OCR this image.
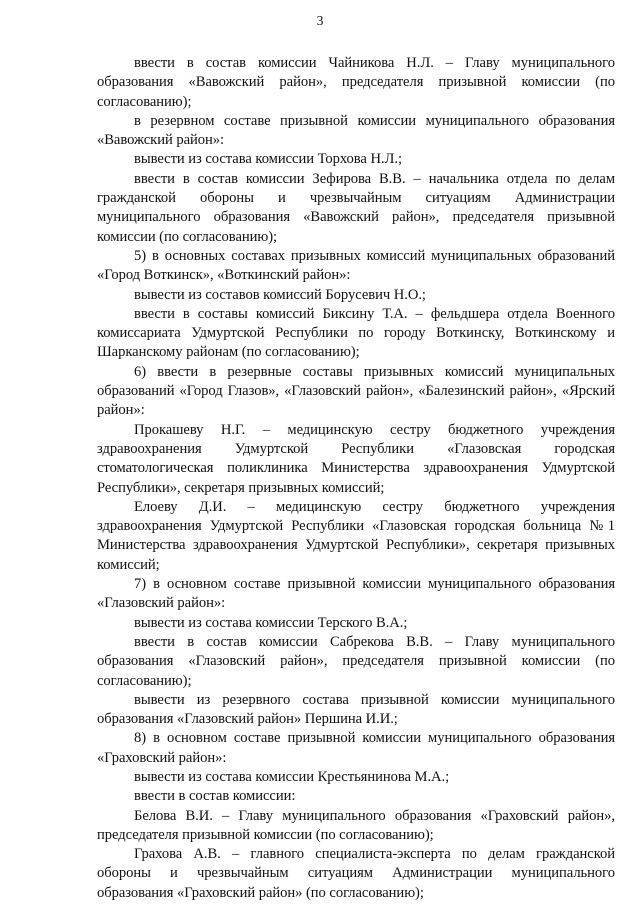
3

ввести в состав комиссии Чайникова Н.Л. – Главу муниципального образования «Вавожский район», председателя призывной комиссии (по согласованию);

в резервном составе призывной комиссии муниципального образования «Вавожский район»:

вывести из состава комиссии Торхова Н.Л.;

ввести в состав комиссии Зефирова В.В. – начальника отдела по делам гражданской обороны и чрезвычайным ситуациям Администрации муниципального образования «Вавожский район», председателя призывной комиссии (по согласованию);

5) в основных составах призывных комиссий муниципальных образований «Город Воткинск», «Воткинский район»:

вывести из составов комиссий Борусевич Н.О.;

ввести в составы комиссий Биксину Т.А. – фельдшера отдела Военного комиссариата Удмуртской Республики по городу Воткинску, Воткинскому и Шарканскому районам (по согласованию);

6) ввести в резервные составы призывных комиссий муниципальных образований «Город Глазов», «Глазовский район», «Балезинский район», «Ярский район»:

Прокашеву Н.Г. – медицинскую сестру бюджетного учреждения здравоохранения Удмуртской Республики «Глазовская городская стоматологическая поликлиника Министерства здравоохранения Удмуртской Республики», секретаря призывных комиссий;

Елоеву Д.И. – медицинскую сестру бюджетного учреждения здравоохранения Удмуртской Республики «Глазовская городская больница №1 Министерства здравоохранения Удмуртской Республики», секретаря призывных комиссий;

7) в основном составе призывной комиссии муниципального образования «Глазовский район»:

вывести из состава комиссии Терского В.А.;

ввести в состав комиссии Сабрекова В.В. – Главу муниципального образования «Глазовский район», председателя призывной комиссии (по согласованию);

вывести из резервного состава призывной комиссии муниципального образования «Глазовский район» Першина И.И.;

8) в основном составе призывной комиссии муниципального образования «Граховский район»:

вывести из состава комиссии Крестьянинова М.А.;

ввести в состав комиссии:

Белова В.И. – Главу муниципального образования «Граховский район», председателя призывной комиссии (по согласованию);

Грахова А.В. – главного специалиста-эксперта по делам гражданской обороны и чрезвычайным ситуациям Администрации муниципального образования «Граховский район» (по согласованию);
